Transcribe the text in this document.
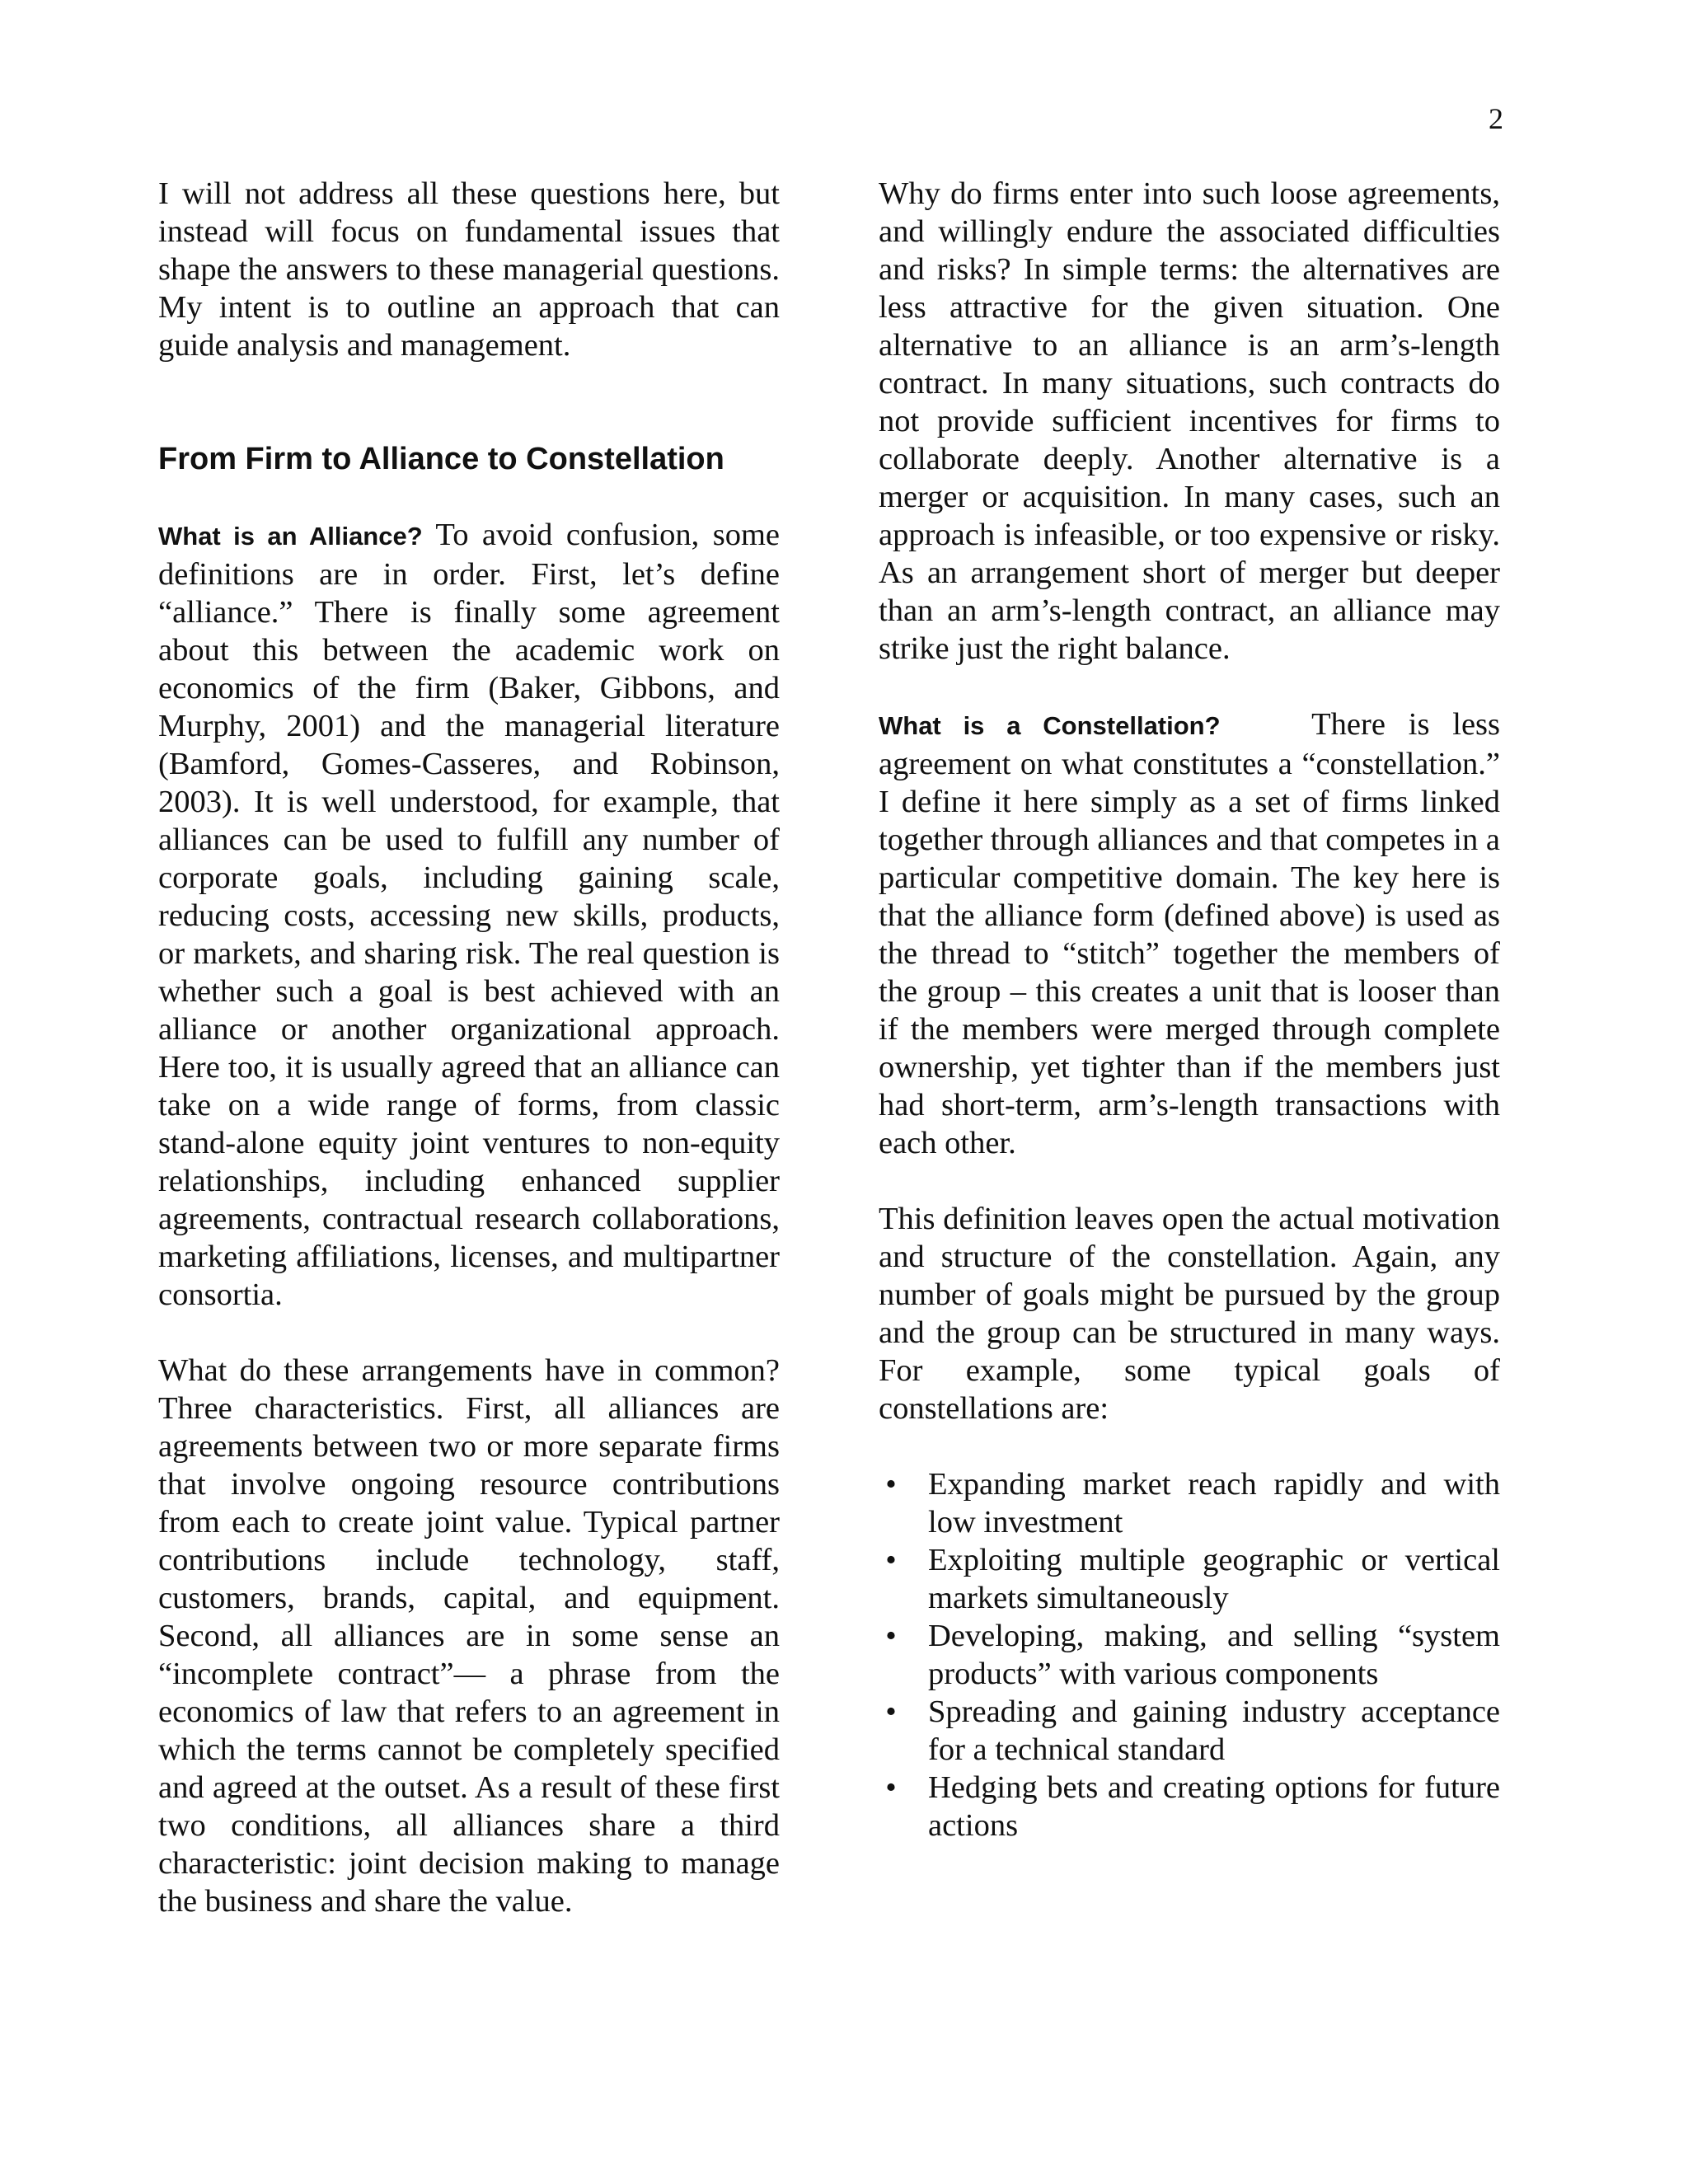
2

I will not address all these questions here, but instead will focus on fundamental issues that shape the answers to these managerial questions. My intent is to outline an approach that can guide analysis and management.

From Firm to Alliance to Constellation

What is an Alliance? To avoid confusion, some definitions are in order. First, let’s define “alliance.” There is finally some agreement about this between the academic work on economics of the firm (Baker, Gibbons, and Murphy, 2001) and the managerial literature (Bamford, Gomes-Casseres, and Robinson, 2003). It is well understood, for example, that alliances can be used to fulfill any number of corporate goals, including gaining scale, reducing costs, accessing new skills, products, or markets, and sharing risk. The real question is whether such a goal is best achieved with an alliance or another organizational approach. Here too, it is usually agreed that an alliance can take on a wide range of forms, from classic stand-alone equity joint ventures to non-equity relationships, including enhanced supplier agreements, contractual research collaborations, marketing affiliations, licenses, and multipartner consortia.

What do these arrangements have in common? Three characteristics. First, all alliances are agreements between two or more separate firms that involve ongoing resource contributions from each to create joint value. Typical partner contributions include technology, staff, customers, brands, capital, and equipment. Second, all alliances are in some sense an “incomplete contract”— a phrase from the economics of law that refers to an agreement in which the terms cannot be completely specified and agreed at the outset. As a result of these first two conditions, all alliances share a third characteristic: joint decision making to manage the business and share the value.

Why do firms enter into such loose agreements, and willingly endure the associated difficulties and risks? In simple terms: the alternatives are less attractive for the given situation. One alternative to an alliance is an arm’s-length contract. In many situations, such contracts do not provide sufficient incentives for firms to collaborate deeply. Another alternative is a merger or acquisition. In many cases, such an approach is infeasible, or too expensive or risky. As an arrangement short of merger but deeper than an arm’s-length contract, an alliance may strike just the right balance.

What is a Constellation?	There is less agreement on what constitutes a “constellation.” I define it here simply as a set of firms linked together through alliances and that competes in a particular competitive domain. The key here is that the alliance form (defined above) is used as the thread to “stitch” together the members of the group – this creates a unit that is looser than if the members were merged through complete ownership, yet tighter than if the members just had short-term, arm’s-length transactions with each other.

This definition leaves open the actual motivation and structure of the constellation. Again, any number of goals might be pursued by the group and the group can be structured in many ways. For example, some typical goals of constellations are:

• Expanding market reach rapidly and with low investment
• Exploiting multiple geographic or vertical markets simultaneously
• Developing, making, and selling “system products” with various components
• Spreading and gaining industry acceptance for a technical standard
• Hedging bets and creating options for future actions
